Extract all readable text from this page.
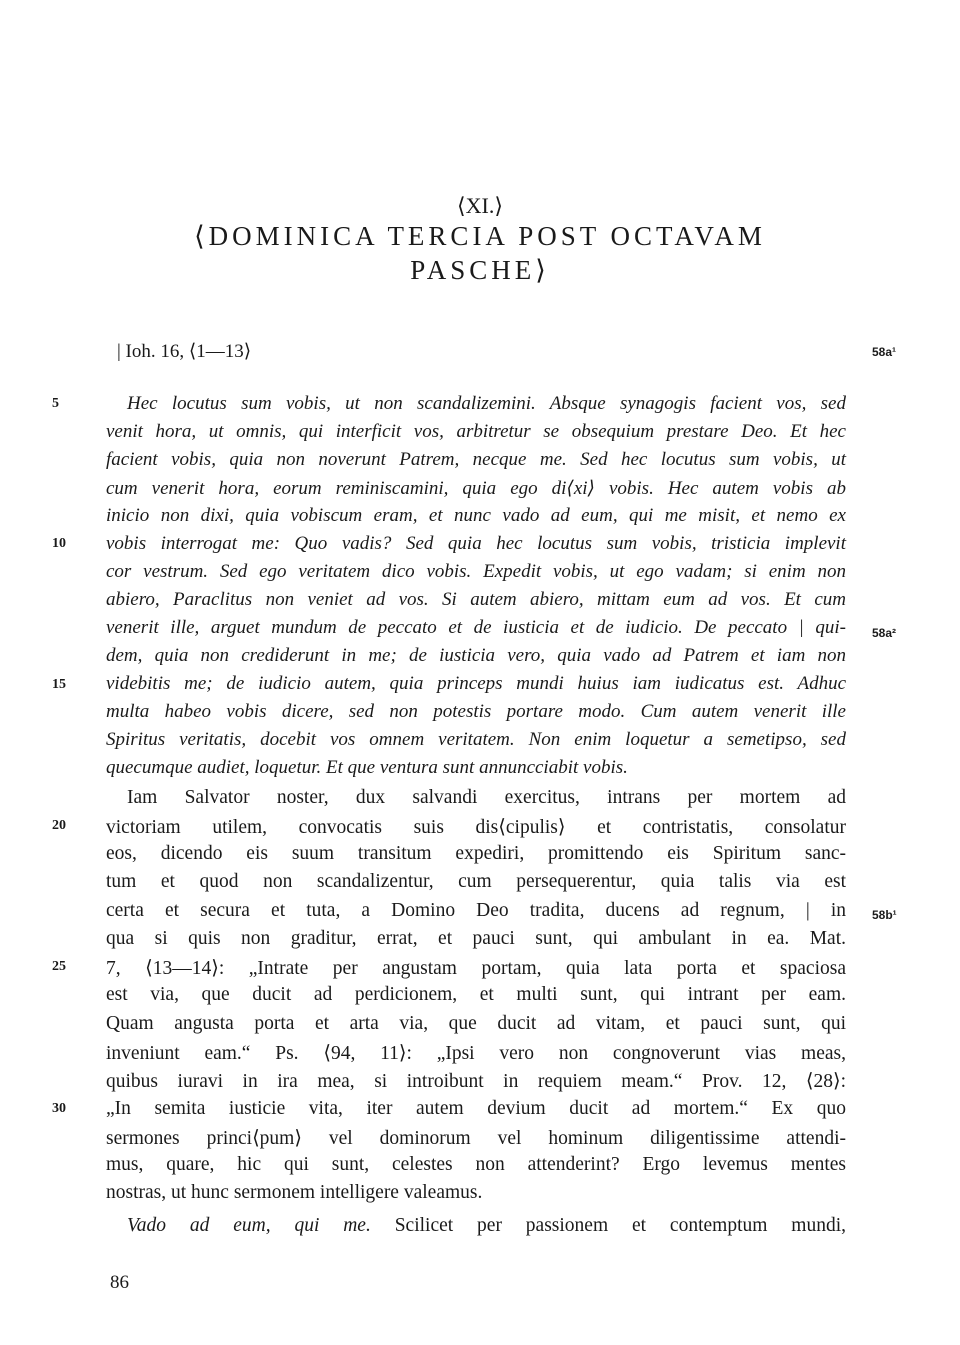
⟨XI.⟩
⟨DOMINICA TERCIA POST OCTAVAM
PASCHE⟩
| Ioh. 16, ⟨1—13⟩	58a¹
58a²
58b¹
5
10
15
20
25
30
Hec locutus sum vobis, ut non scandalizemini. Absque synagogis facient vos, sed
venit hora, ut omnis, qui interficit vos, arbitretur se obsequium prestare Deo. Et hec
facient vobis, quia non noverunt Patrem, necque me. Sed hec locutus sum vobis, ut
cum venerit hora, eorum reminiscamini, quia ego di⟨xi⟩ vobis. Hec autem vobis ab
inicio non dixi, quia vobiscum eram, et nunc vado ad eum, qui me misit, et nemo ex
vobis interrogat me: Quo vadis? Sed quia hec locutus sum vobis, tristicia implevit
cor vestrum. Sed ego veritatem dico vobis. Expedit vobis, ut ego vadam; si enim non
abiero, Paraclitus non veniet ad vos. Si autem abiero, mittam eum ad vos. Et cum
venerit ille, arguet mundum de peccato et de iusticia et de iudicio. De peccato | qui-
dem, quia non crediderunt in me; de iusticia vero, quia vado ad Patrem et iam non
videbitis me; de iudicio autem, quia princeps mundi huius iam iudicatus est. Adhuc
multa habeo vobis dicere, sed non potestis portare modo. Cum autem venerit ille
Spiritus veritatis, docebit vos omnem veritatem. Non enim loquetur a semetipso, sed
quecumque audiet, loquetur. Et que ventura sunt annuncciabit vobis.
Iam Salvator noster, dux salvandi exercitus, intrans per mortem ad
victoriam utilem, convocatis suis dis⟨cipulis⟩ et contristatis, consolatur
eos, dicendo eis suum transitum expediri, promittendo eis Spiritum sanc-
tum et quod non scandalizentur, cum persequerentur, quia talis via est
certa et secura et tuta, a Domino Deo tradita, ducens ad regnum, | in
qua si quis non graditur, errat, et pauci sunt, qui ambulant in ea. Mat.
7, ⟨13—14⟩: „Intrate per angustam portam, quia lata porta et spaciosa
est via, que ducit ad perdicionem, et multi sunt, qui intrant per eam.
Quam angusta porta et arta via, que ducit ad vitam, et pauci sunt, qui
inveniunt eam.“ Ps. ⟨94, 11⟩: „Ipsi vero non congnoverunt vias meas,
quibus iuravi in ira mea, si introibunt in requiem meam.“ Prov. 12, ⟨28⟩:
„In semita iusticie vita, iter autem devium ducit ad mortem.“ Ex quo
sermones princi⟨pum⟩ vel dominorum vel hominum diligentissime attendi-
mus, quare, hic qui sunt, celestes non attenderint? Ergo levemus mentes
nostras, ut hunc sermonem intelligere valeamus.
Vado ad eum, qui me. Scilicet per passionem et contemptum mundi,
86
